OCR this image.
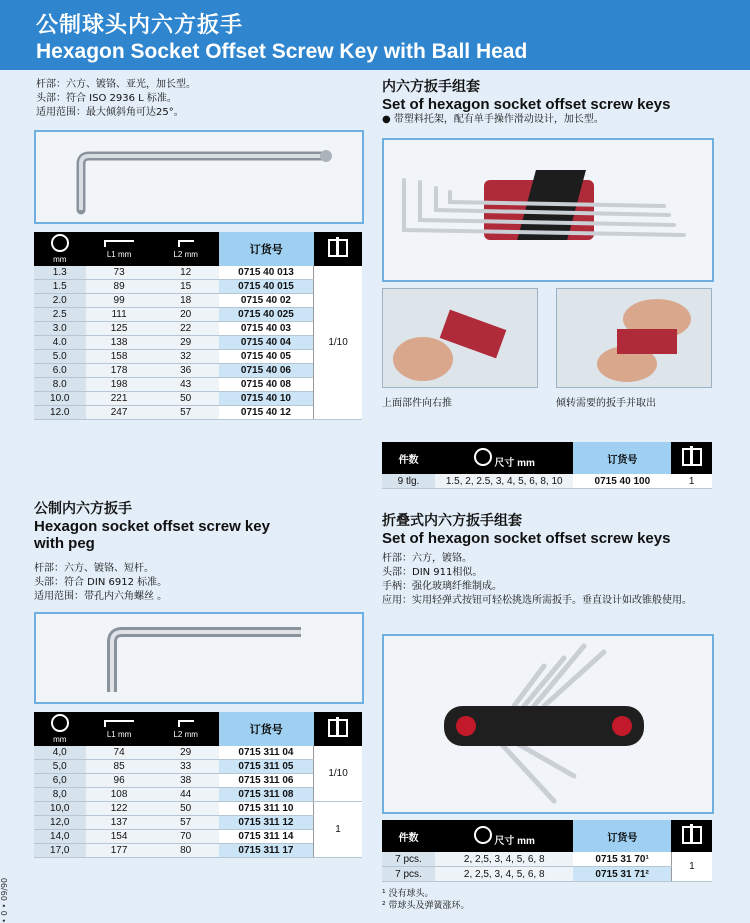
公制球头内六方扳手
Hexagon Socket Offset Screw Key with Ball Head
杆部：六方、镀铬、亚光，加长型。
头部：符合 ISO 2936 L 标准。
适用范围：最大倾斜角可达25°。
mm	L1 mm	L2 mm	订货号	
1.3	73	12	0715 40 013	1/10
1.5	89	15	0715 40 015	
2.0	99	18	0715 40 02	
2.5	111	20	0715 40 025	
3.0	125	22	0715 40 03	
4.0	138	29	0715 40 04	
5.0	158	32	0715 40 05	
6.0	178	36	0715 40 06	
8.0	198	43	0715 40 08	
10.0	221	50	0715 40 10	
12.0	247	57	0715 40 12	
内六方扳手组套
Set of hexagon socket offset screw keys
● 带塑料托架，配有单手操作滑动设计，加长型。
上面部件向右推	倾转需要的扳手并取出
件数	尺寸 mm	订货号	
9 tlg.	1.5, 2, 2.5, 3, 4, 5, 6, 8, 10	0715 40 100	1
公制内六方扳手
Hexagon socket offset screw key
with peg
杆部：六方、镀铬、短杆。
头部：符合 DIN 6912 标准。
适用范围：带孔内六角螺丝 。
mm	L1 mm	L2 mm	订货号	
4,0	74	29	0715 311 04	1/10
5,0	85	33	0715 311 05	
6,0	96	38	0715 311 06	
8,0	108	44	0715 311 08	
10,0	122	50	0715 311 10	1
12,0	137	57	0715 311 12	
14,0	154	70	0715 311 14	
17,0	177	80	0715 311 17	
折叠式内六方扳手组套
Set of hexagon socket offset screw keys
杆部：六方，镀铬。
头部：DIN 911相似。
手柄：强化玻璃纤维制成。
应用：实用轻弹式按钮可轻松挑选所需扳手。垂直设计如改锥般使用。
件数	尺寸 mm	订货号	
7 pcs.	2, 2,5, 3, 4, 5, 6, 8	0715 31 70¹	1
7 pcs.	2, 2,5, 3, 4, 5, 6, 8	0715 31 71²	
¹ 没有球头。
² 带球头及弹簧涨环。
• 0 • 09/90
